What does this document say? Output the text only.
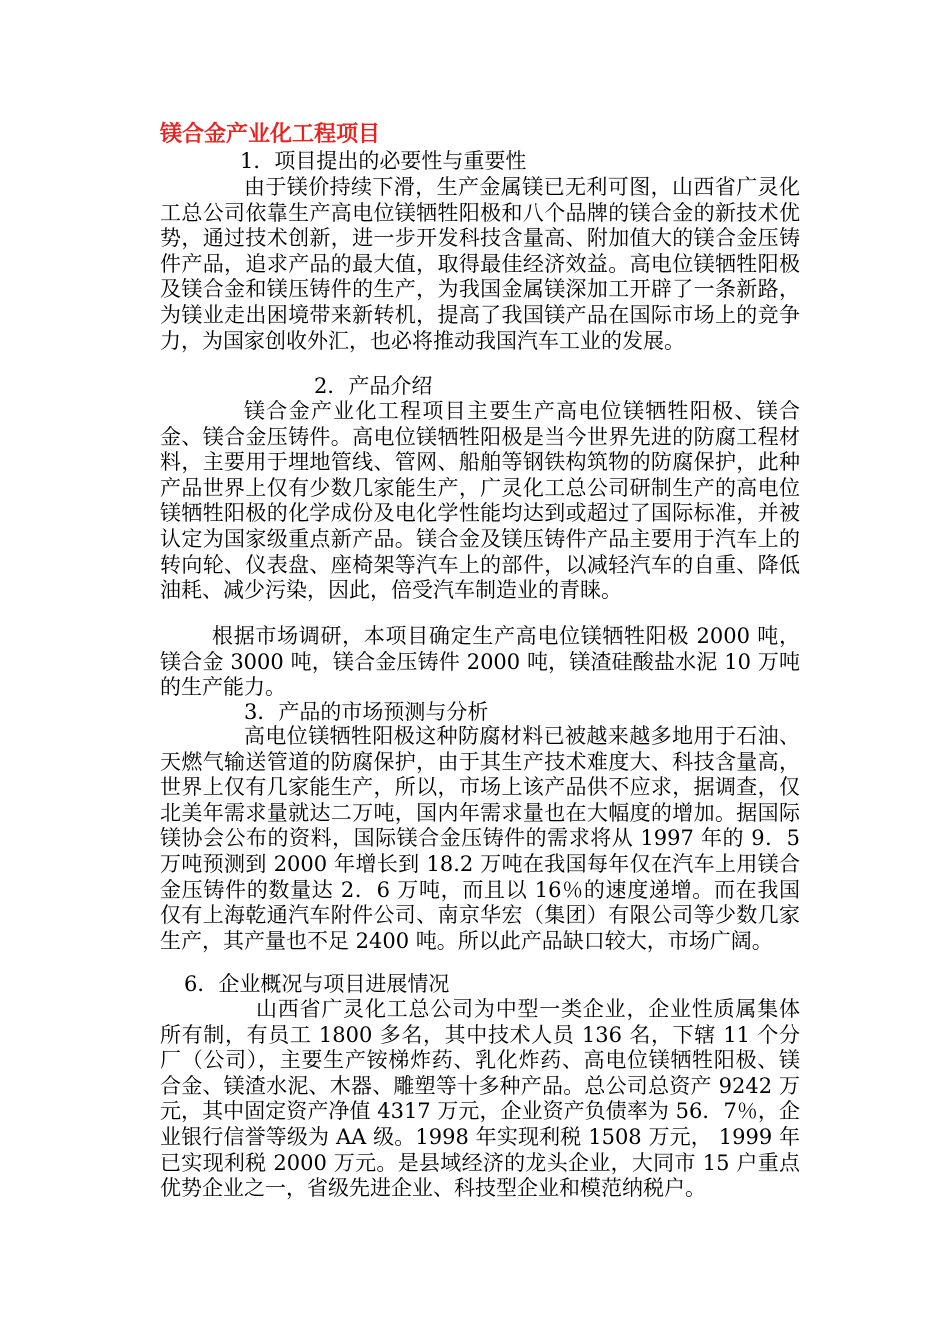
镁合金产业化工程项目
1．项目提出的必要性与重要性

由于镁价持续下滑，生产金属镁已无利可图，山西省广灵化工总公司依靠生产高电位镁牺牲阳极和八个品牌的镁合金的新技术优势，通过技术创新，进一步开发科技含量高、附加值大的镁合金压铸件产品，追求产品的最大值，取得最佳经济效益。高电位镁牺牲阳极及镁合金和镁压铸件的生产，为我国金属镁深加工开辟了一条新路，为镁业走出困境带来新转机，提高了我国镁产品在国际市场上的竞争力，为国家创收外汇，也必将推动我国汽车工业的发展。

2．产品介绍

镁合金产业化工程项目主要生产高电位镁牺牲阳极、镁合金、镁合金压铸件。高电位镁牺牲阳极是当今世界先进的防腐工程材料，主要用于埋地管线、管网、船舶等钢铁构筑物的防腐保护，此种产品世界上仅有少数几家能生产，广灵化工总公司研制生产的高电位镁牺牲阳极的化学成份及电化学性能均达到或超过了国际标准，并被认定为国家级重点新产品。镁合金及镁压铸件产品主要用于汽车上的转向轮、仪表盘、座椅架等汽车上的部件，以减轻汽车的自重、降低油耗、减少污染，因此，倍受汽车制造业的青睐。

根据市场调研，本项目确定生产高电位镁牺牲阳极 2000 吨，镁合金 3000 吨，镁合金压铸件 2000 吨，镁渣硅酸盐水泥 10 万吨的生产能力。

3．产品的市场预测与分析

高电位镁牺牲阳极这种防腐材料已被越来越多地用于石油、天燃气输送管道的防腐保护，由于其生产技术难度大、科技含量高，世界上仅有几家能生产，所以，市场上该产品供不应求，据调查，仅北美年需求量就达二万吨，国内年需求量也在大幅度的增加。据国际镁协会公布的资料，国际镁合金压铸件的需求将从 1997 年的 9．5 万吨预测到 2000 年增长到 18.2 万吨在我国每年仅在汽车上用镁合金压铸件的数量达 2．6 万吨，而且以 16％的速度递增。而在我国仅有上海乾通汽车附件公司、南京华宏（集团）有限公司等少数几家生产，其产量也不足 2400 吨。所以此产品缺口较大，市场广阔。

6．企业概况与项目进展情况

山西省广灵化工总公司为中型一类企业，企业性质属集体所有制，有员工 1800 多名，其中技术人员 136 名，下辖 11 个分厂（公司），主要生产铵梯炸药、乳化炸药、高电位镁牺牲阳极、镁合金、镁渣水泥、木器、雕塑等十多种产品。总公司总资产 9242 万元，其中固定资产净值 4317 万元，企业资产负债率为 56．7％，企业银行信誉等级为 AA 级。1998 年实现利税 1508 万元， 1999 年已实现利税 2000 万元。是县域经济的龙头企业，大同市 15 户重点优势企业之一，省级先进企业、科技型企业和模范纳税户。
